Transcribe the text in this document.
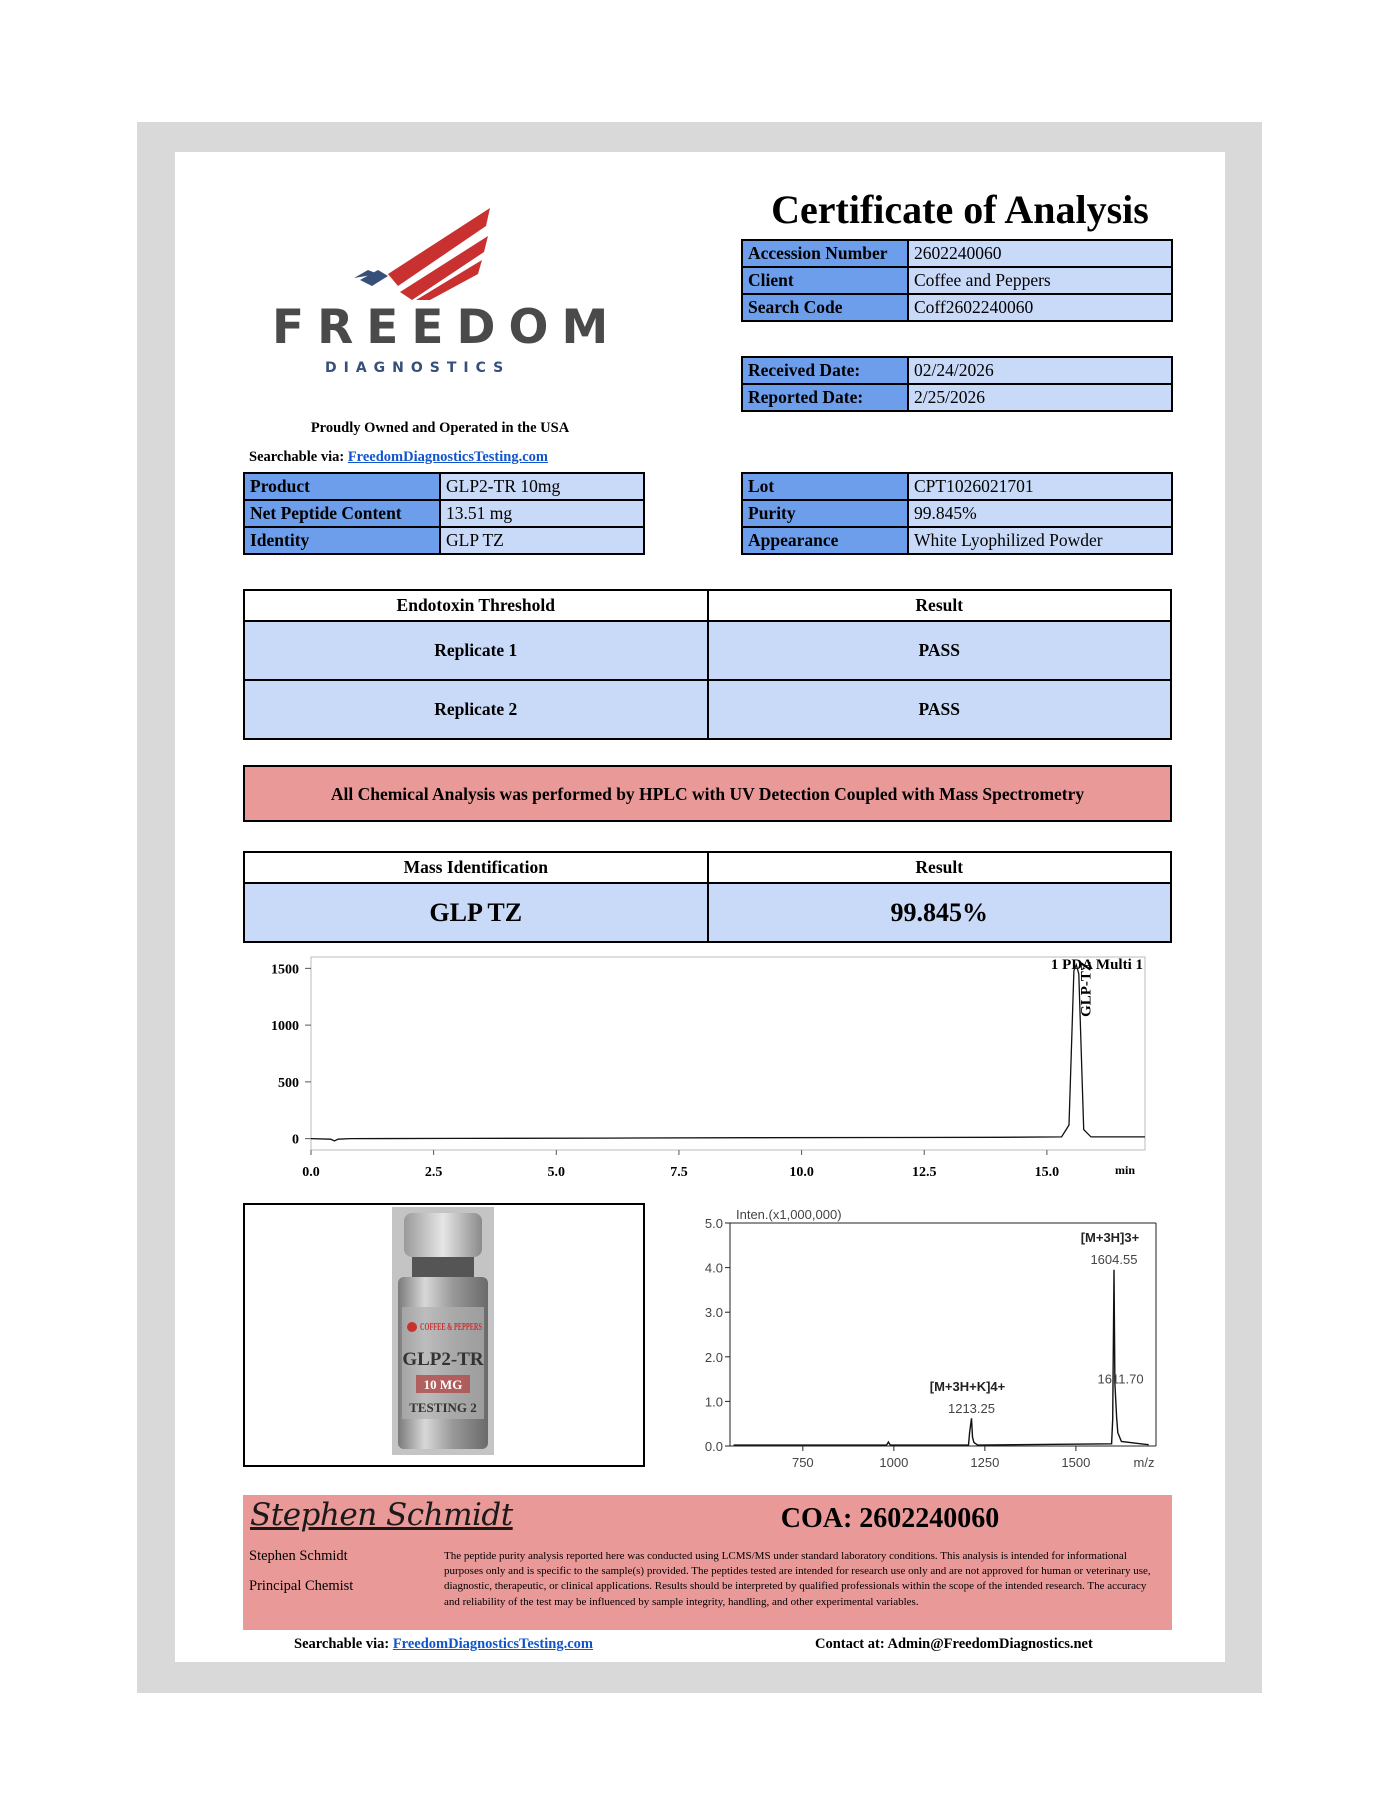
FREEDOM
DIAGNOSTICS
Proudly Owned and Operated in the USA
Searchable via: FreedomDiagnosticsTesting.com
Certificate of Analysis
Accession Number	2602240060
Client	Coffee and Peppers
Search Code	Coff2602240060
Received Date:	02/24/2026
Reported Date:	2/25/2026
Product	GLP2-TR 10mg
Net Peptide Content	13.51 mg
Identity	GLP TZ
Lot	CPT1026021701
Purity	99.845%
Appearance	White Lyophilized Powder
Endotoxin Threshold	Result
Replicate 1	PASS
Replicate 2	PASS
All Chemical Analysis was performed by HPLC with UV Detection Coupled with Mass Spectrometry
Mass Identification	Result
GLP TZ	99.845%
0
500
1000
1500
0.0	2.5	5.0	7.5	10.0	12.5	15.0	min
1 PDA Multi 1
GLP-TZ
COFFEE & PEPPERS
GLP2-TR
10 MG
TESTING 2
0.0
1.0
2.0
3.0
4.0
5.0
750	1000	1250	1500	m/z
Inten.(x1,000,000)
[M+3H]3+
1604.55
[M+3H+K]4+
1213.25
1611.70
Stephen Schmidt	COA: 2602240060
Stephen Schmidt
Principal Chemist
The peptide purity analysis reported here was conducted using LCMS/MS under standard laboratory conditions. This analysis is intended for informational purposes only and is specific to the sample(s) provided. The peptides tested are intended for research use only and are not approved for human or veterinary use, diagnostic, therapeutic, or clinical applications. Results should be interpreted by qualified professionals within the scope of the intended research. The accuracy and reliability of the test may be influenced by sample integrity, handling, and other experimental variables.
Searchable via: FreedomDiagnosticsTesting.com	Contact at: Admin@FreedomDiagnostics.net
